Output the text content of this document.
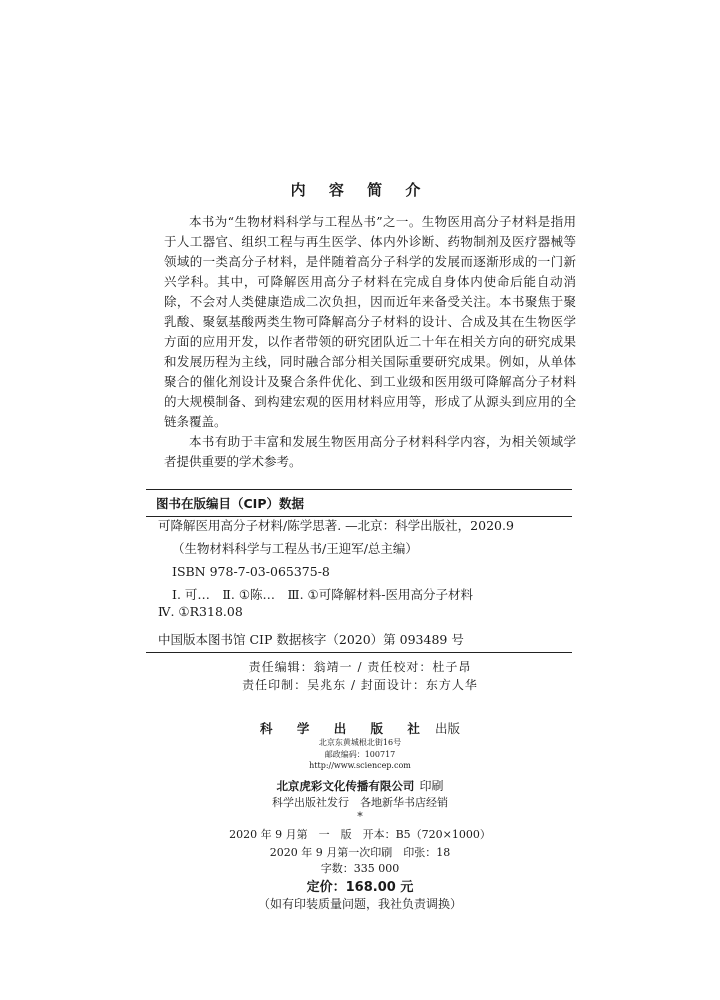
内 容 简 介

本书为“生物材料科学与工程丛书”之一。生物医用高分子材料是指用于人工器官、组织工程与再生医学、体内外诊断、药物制剂及医疗器械等领域的一类高分子材料，是伴随着高分子科学的发展而逐渐形成的一门新兴学科。其中，可降解医用高分子材料在完成自身体内使命后能自动消除，不会对人类健康造成二次负担，因而近年来备受关注。本书聚焦于聚乳酸、聚氨基酸两类生物可降解高分子材料的设计、合成及其在生物医学方面的应用开发，以作者带领的研究团队近二十年在相关方向的研究成果和发展历程为主线，同时融合部分相关国际重要研究成果。例如，从单体聚合的催化剂设计及聚合条件优化、到工业级和医用级可降解高分子材料的大规模制备、到构建宏观的医用材料应用等，形成了从源头到应用的全链条覆盖。

本书有助于丰富和发展生物医用高分子材料科学内容，为相关领域学者提供重要的学术参考。

图书在版编目（CIP）数据
可降解医用高分子材料/陈学思著. —北京：科学出版社，2020.9
（生物材料科学与工程丛书/王迎军/总主编）
ISBN 978-7-03-065375-8
Ⅰ. 可…　Ⅱ. ①陈…　Ⅲ. ①可降解材料-医用高分子材料
Ⅳ. ①R318.08
中国版本图书馆 CIP 数据核字（2020）第 093489 号
责任编辑：翁靖一 / 责任校对：杜子昂
责任印制：吴兆东 / 封面设计：东方人华
科 学 出 版 社 出版
北京东黄城根北街16号
邮政编码：100717
http://www.sciencep.com
北京虎彩文化传播有限公司 印刷
科学出版社发行　各地新华书店经销
*
2020 年 9 月第　一　版　开本：B5（720×1000）
2020 年 9 月第一次印刷　印张：18
字数：335 000
定价：168.00 元
（如有印装质量问题，我社负责调换）
